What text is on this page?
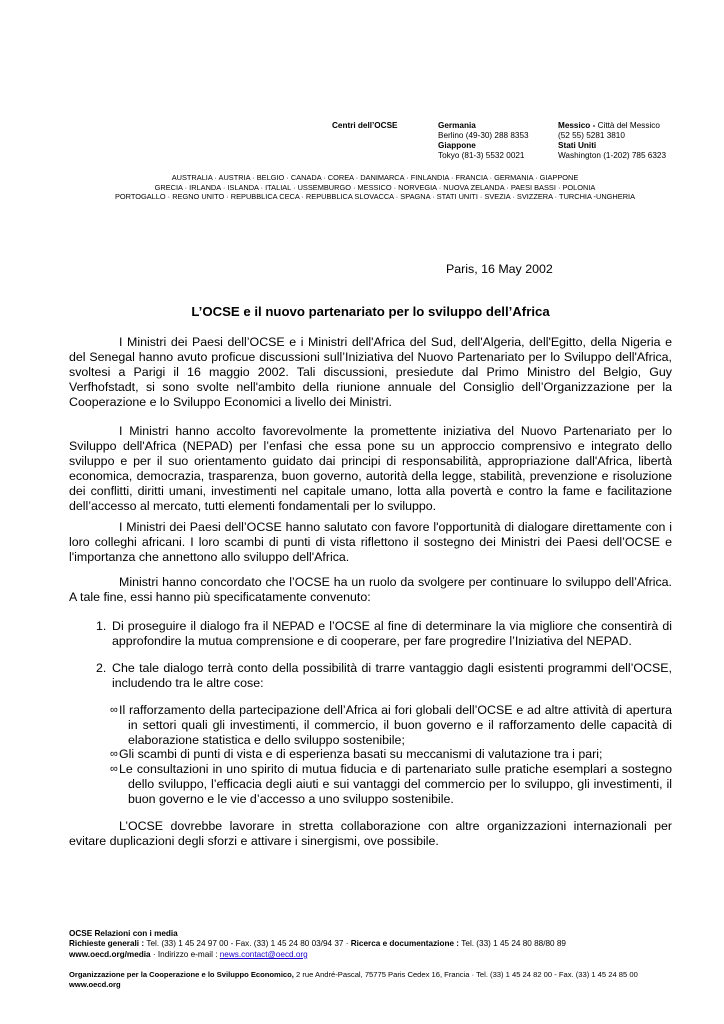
Centri dell’OCSE	Germania
Berlino (49-30) 288 8353
Giappone
Tokyo (81-3) 5532 0021
Messico - Città del Messico
(52 55) 5281 3810
Stati Uniti
Washington (1-202) 785 6323
AUSTRALIA · AUSTRIA · BELGIO · CANADA · COREA · DANIMARCA · FINLANDIA · FRANCIA · GERMANIA · GIAPPONE
GRECIA · IRLANDA · ISLANDA · ITALIAL · USSEMBURGO · MESSICO · NORVEGIA · NUOVA ZELANDA · PAESI BASSI · POLONIA
PORTOGALLO · REGNO UNITO · REPUBBLICA CECA · REPUBBLICA SLOVACCA · SPAGNA · STATI UNITI · SVEZIA · SVIZZERA · TURCHIA -UNGHERIA
Paris, 16 May 2002
L’OCSE e il nuovo partenariato per lo sviluppo dell’Africa
I Ministri dei Paesi dell’OCSE e i Ministri dell'Africa del Sud, dell'Algeria, dell'Egitto, della Nigeria e del Senegal hanno avuto proficue discussioni sull’Iniziativa del Nuovo Partenariato per lo Sviluppo dell'Africa, svoltesi a Parigi il 16 maggio 2002. Tali discussioni, presiedute dal Primo Ministro del Belgio, Guy Verfhofstadt, si sono svolte nell'ambito della riunione annuale del Consiglio dell’Organizzazione per la Cooperazione e lo Sviluppo Economici a livello dei Ministri.
I Ministri hanno accolto favorevolmente la promettente iniziativa del Nuovo Partenariato per lo Sviluppo dell'Africa (NEPAD) per l’enfasi che essa pone su un approccio comprensivo e integrato dello sviluppo e per il suo orientamento guidato dai principi di responsabilità, appropriazione dall'Africa, libertà economica, democrazia, trasparenza, buon governo, autorità della legge, stabilità, prevenzione e risoluzione dei conflitti, diritti umani, investimenti nel capitale umano, lotta alla povertà e contro la fame e facilitazione dell’accesso al mercato, tutti elementi fondamentali per lo sviluppo.
I Ministri dei Paesi dell’OCSE hanno salutato con favore l'opportunità di dialogare direttamente con i loro colleghi africani. I loro scambi di punti di vista riflettono il sostegno dei Ministri dei Paesi dell’OCSE e l'importanza che annettono allo sviluppo dell'Africa.
Ministri hanno concordato che l’OCSE ha un ruolo da svolgere per continuare lo sviluppo dell’Africa. A tale fine, essi hanno più specificatamente convenuto:
1. Di proseguire il dialogo fra il NEPAD e l’OCSE al fine di determinare la via migliore che consentirà di approfondire la mutua comprensione e di cooperare, per fare progredire l’Iniziativa del NEPAD.
2. Che tale dialogo terrà conto della possibilità di trarre vantaggio dagli esistenti programmi dell’OCSE, includendo tra le altre cose:
∞ Il rafforzamento della partecipazione dell’Africa ai fori globali dell’OCSE e ad altre attività di apertura in settori quali gli investimenti, il commercio, il buon governo e il rafforzamento delle capacità di elaborazione statistica e dello sviluppo sostenibile;
∞ Gli scambi di punti di vista e di esperienza basati su meccanismi di valutazione tra i pari;
∞ Le consultazioni in uno spirito di mutua fiducia e di partenariato sulle pratiche esemplari a sostegno dello sviluppo, l’efficacia degli aiuti e sui vantaggi del commercio per lo sviluppo, gli investimenti, il buon governo e le vie d’accesso a uno sviluppo sostenibile.
L’OCSE dovrebbe lavorare in stretta collaborazione con altre organizzazioni internazionali per evitare duplicazioni degli sforzi e attivare i sinergismi, ove possibile.
OCSE Relazioni con i media
Richieste generali : Tel. (33) 1 45 24 97 00 - Fax. (33) 1 45 24 80 03/94 37 · Ricerca e documentazione : Tel. (33) 1 45 24 80 88/80 89
www.oecd.org/media · Indirizzo e-mail : news.contact@oecd.org
Organizzazione per la Cooperazione e lo Sviluppo Economico, 2 rue André-Pascal, 75775 Paris Cedex 16, Francia · Tel. (33) 1 45 24 82 00 - Fax. (33) 1 45 24 85 00
www.oecd.org
